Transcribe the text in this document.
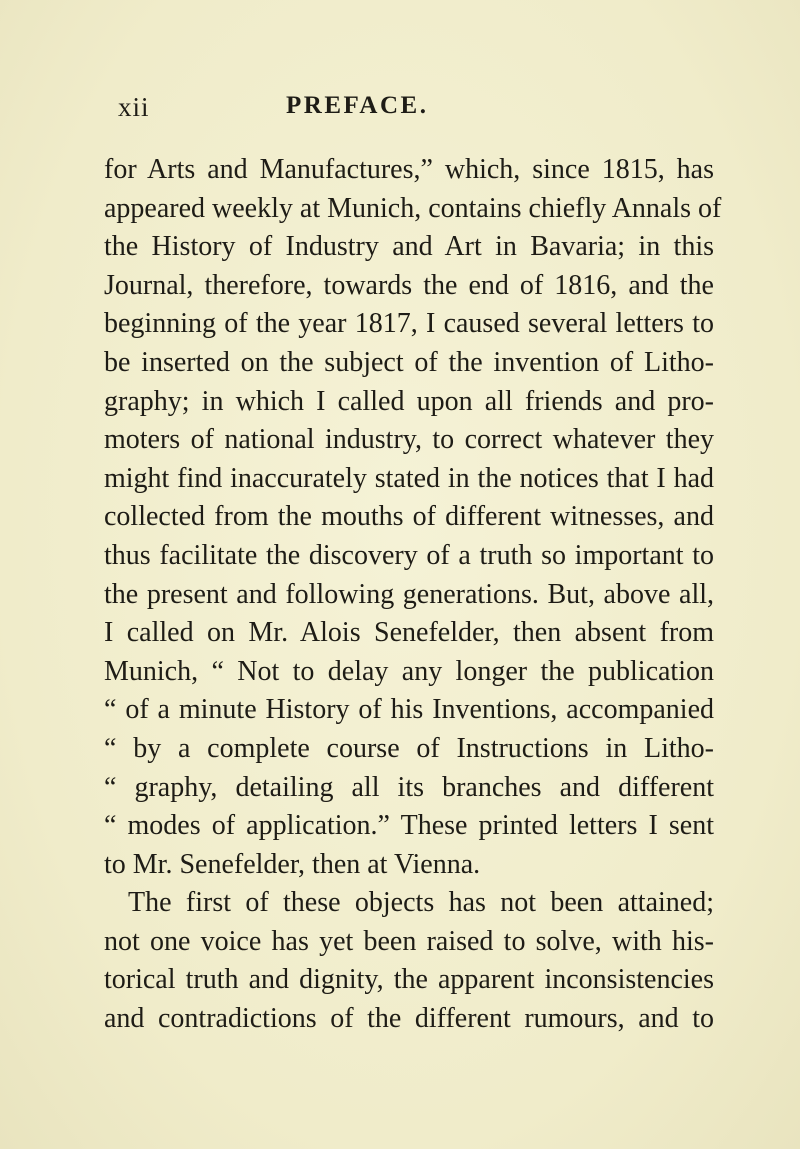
xii	PREFACE.
for Arts and Manufactures,” which, since 1815, has
appeared weekly at Munich, contains chiefly Annals of
the History of Industry and Art in Bavaria; in this
Journal, therefore, towards the end of 1816, and the
beginning of the year 1817, I caused several letters to
be inserted on the subject of the invention of Litho-
graphy; in which I called upon all friends and pro-
moters of national industry, to correct whatever they
might find inaccurately stated in the notices that I had
collected from the mouths of different witnesses, and
thus facilitate the discovery of a truth so important to
the present and following generations. But, above all,
I called on Mr. Alois Senefelder, then absent from
Munich, “ Not to delay any longer the publication
“ of a minute History of his Inventions, accompanied
“ by a complete course of Instructions in Litho-
“ graphy, detailing all its branches and different
“ modes of application.” These printed letters I sent
to Mr. Senefelder, then at Vienna.
The first of these objects has not been attained;
not one voice has yet been raised to solve, with his-
torical truth and dignity, the apparent inconsistencies
and contradictions of the different rumours, and to
